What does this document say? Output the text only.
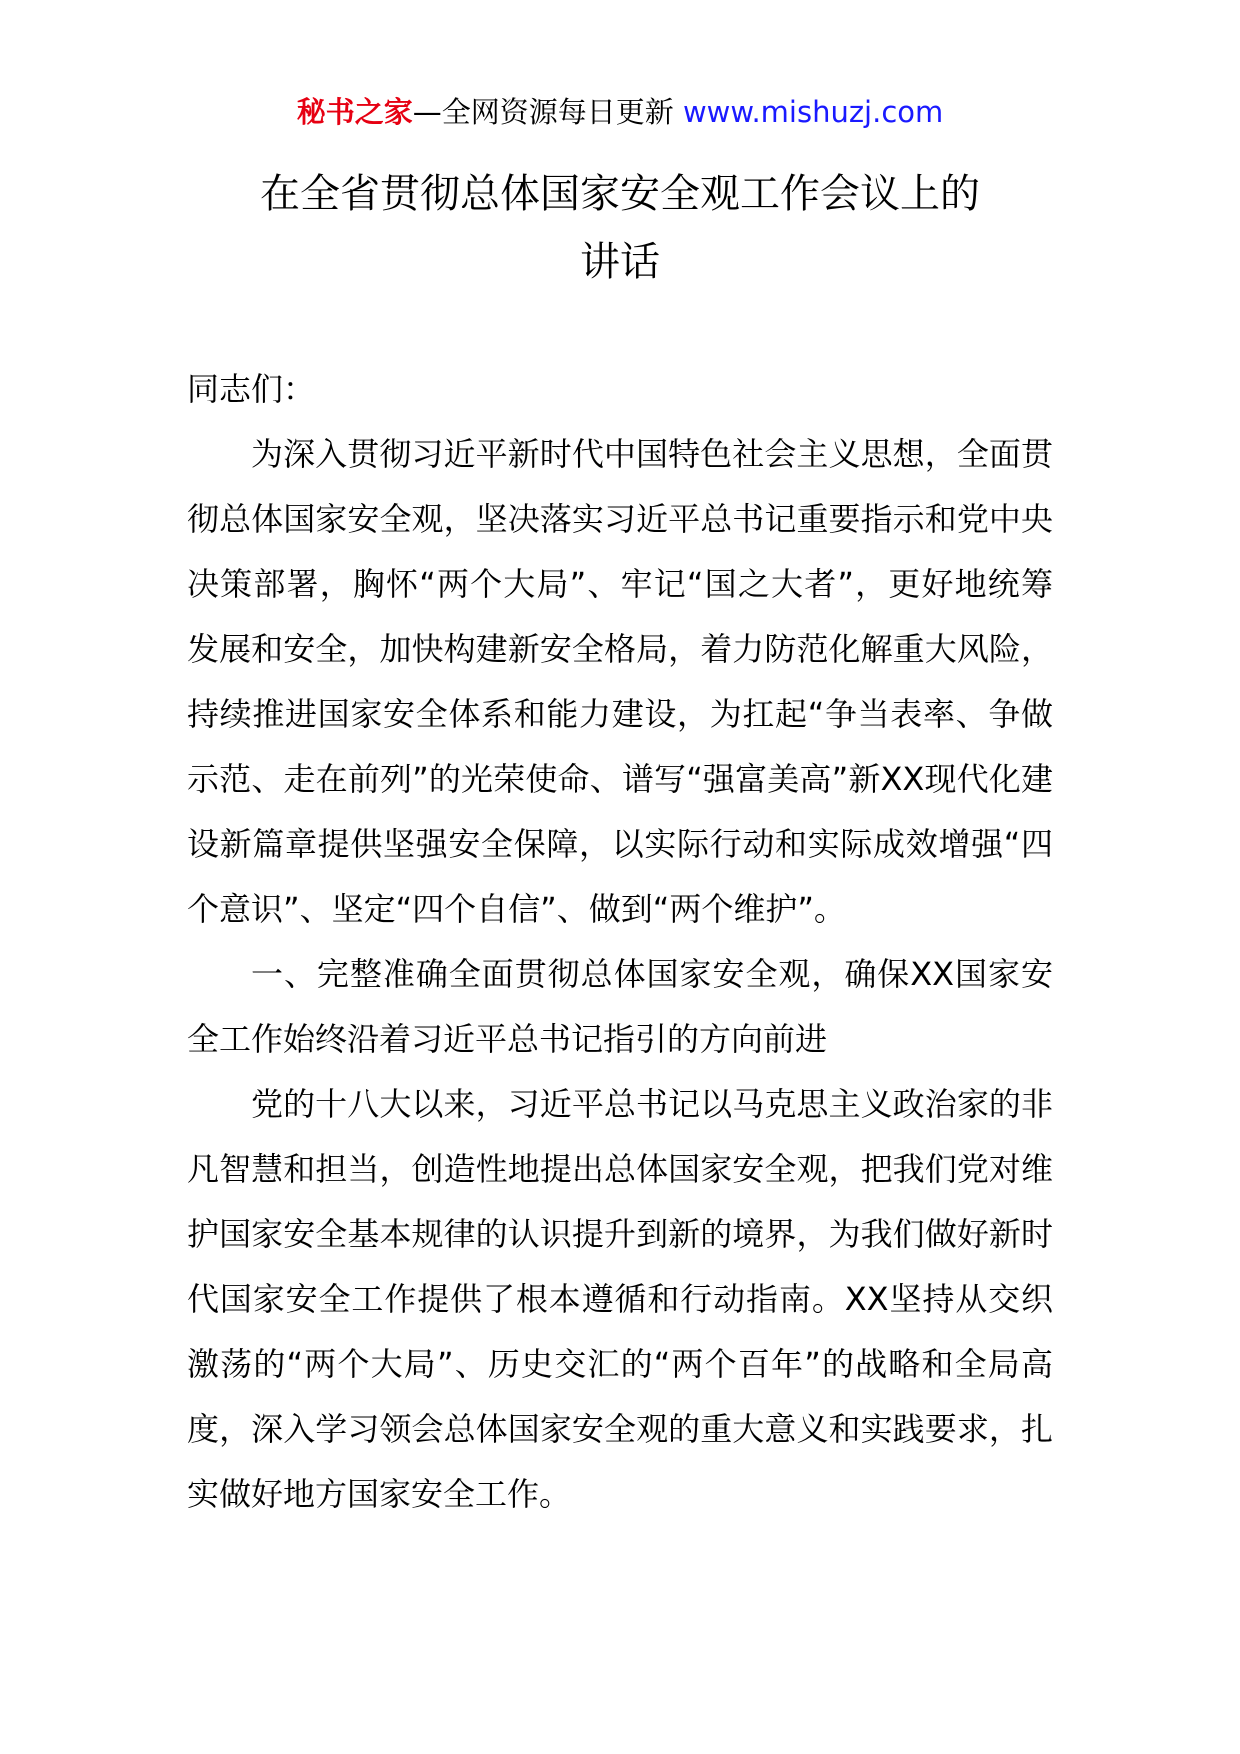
秘书之家—全网资源每日更新 www.mishuzj.com
在全省贯彻总体国家安全观工作会议上的
讲话

同志们：

为深入贯彻习近平新时代中国特色社会主义思想，全面贯彻总体国家安全观，坚决落实习近平总书记重要指示和党中央决策部署，胸怀“两个大局”、牢记“国之大者”，更好地统筹发展和安全，加快构建新安全格局，着力防范化解重大风险，持续推进国家安全体系和能力建设，为扛起“争当表率、争做示范、走在前列”的光荣使命、谱写“强富美高”新XX现代化建设新篇章提供坚强安全保障，以实际行动和实际成效增强“四个意识”、坚定“四个自信”、做到“两个维护”。

一、完整准确全面贯彻总体国家安全观，确保XX国家安全工作始终沿着习近平总书记指引的方向前进

党的十八大以来，习近平总书记以马克思主义政治家的非凡智慧和担当，创造性地提出总体国家安全观，把我们党对维护国家安全基本规律的认识提升到新的境界，为我们做好新时代国家安全工作提供了根本遵循和行动指南。XX坚持从交织激荡的“两个大局”、历史交汇的“两个百年”的战略和全局高度，深入学习领会总体国家安全观的重大意义和实践要求，扎实做好地方国家安全工作。
